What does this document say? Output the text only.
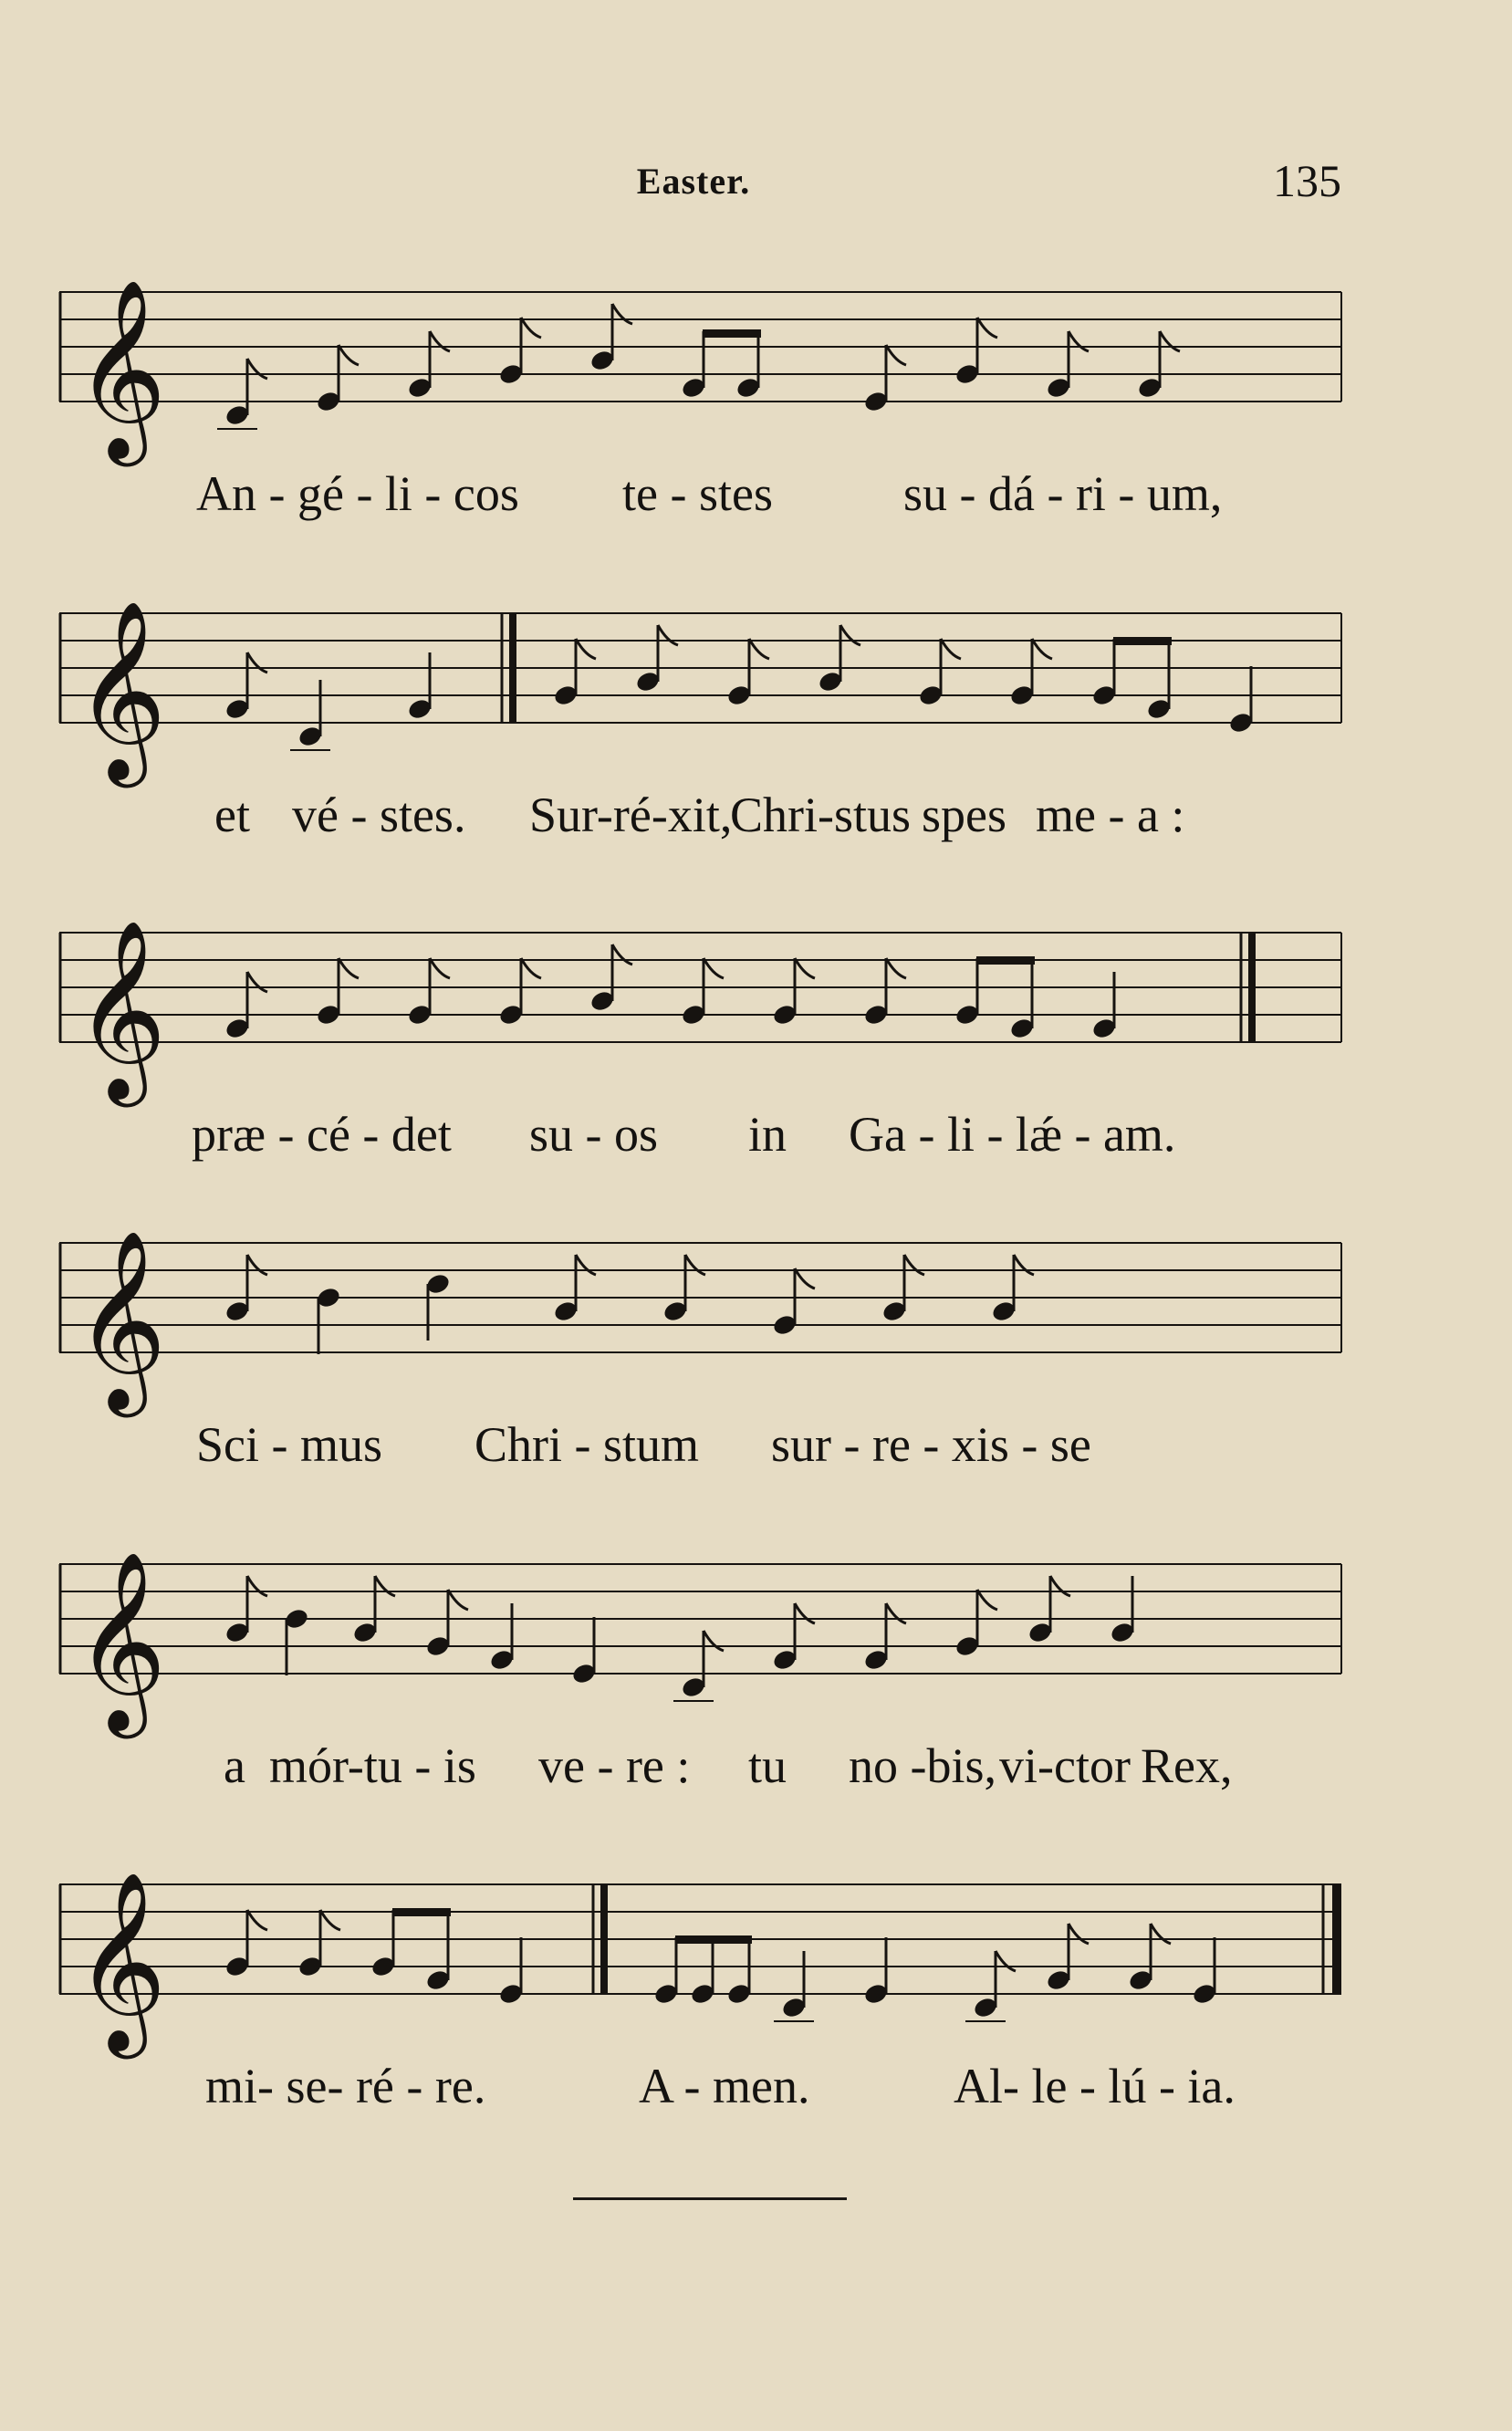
Easter.	135
𝄞
An - gé - li - cos te - stes	su - dá - ri - um,
𝄞
et vé - stes. Sur-ré-xit,
Chri-stus spes me - a :
𝄞
præ - cé - det su - os in Ga - li - lǽ - am.
𝄞
Sci - mus Chri - stum sur - re - xis - se
𝄞
a mór-tu - is ve - re : tu no -bis, vi-ctor Rex,
𝄞
mi- se- ré - re.	A - men.	Al- le - lú - ia.
